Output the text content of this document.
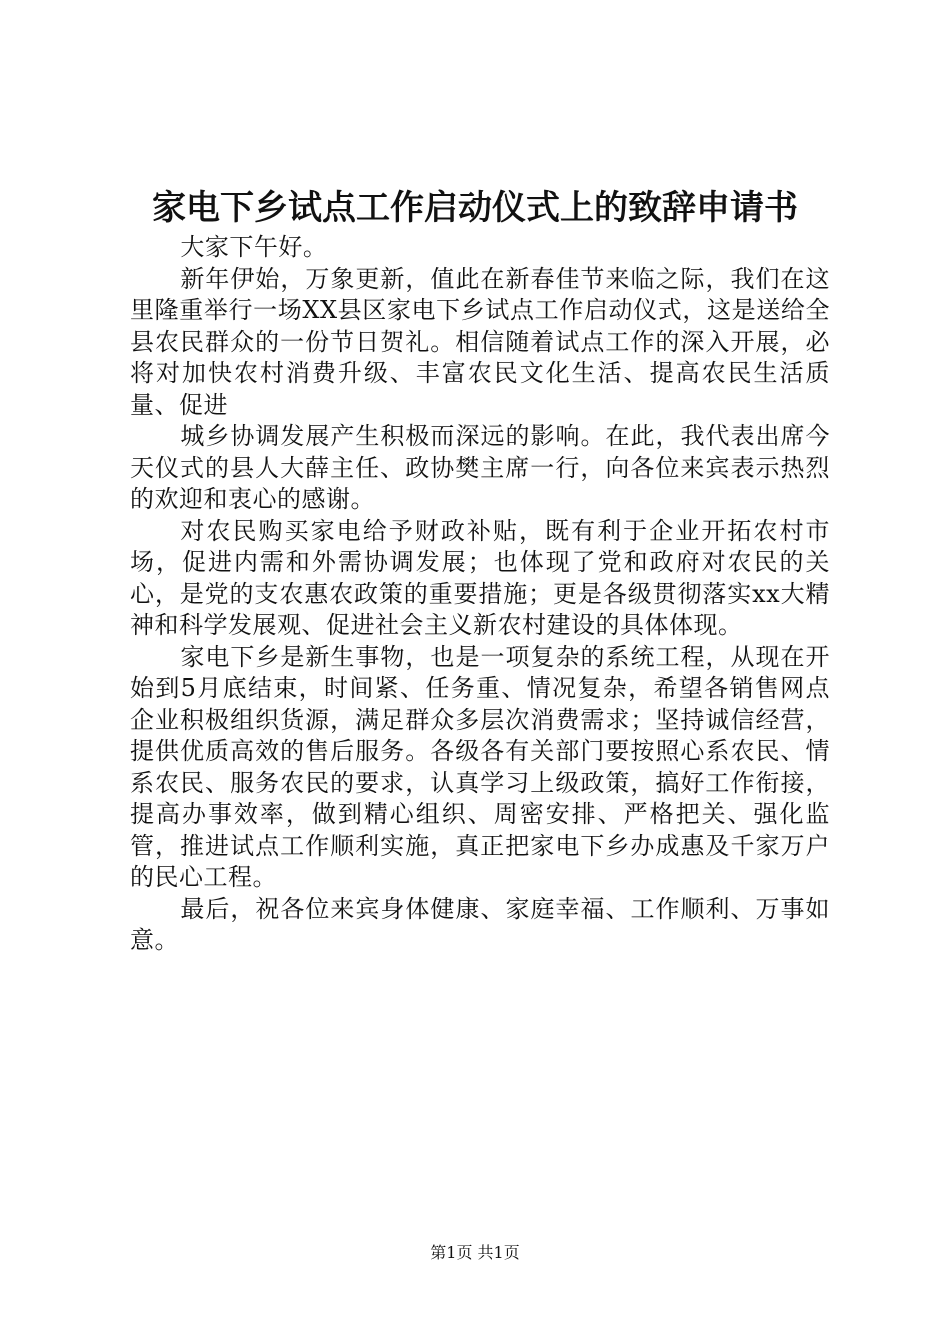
家电下乡试点工作启动仪式上的致辞申请书

大家下午好。

新年伊始，万象更新，值此在新春佳节来临之际，我们在这里隆重举行一场XX县区家电下乡试点工作启动仪式，这是送给全县农民群众的一份节日贺礼。相信随着试点工作的深入开展，必将对加快农村消费升级、丰富农民文化生活、提高农民生活质量、促进

城乡协调发展产生积极而深远的影响。在此，我代表出席今天仪式的县人大薛主任、政协樊主席一行，向各位来宾表示热烈的欢迎和衷心的感谢。

对农民购买家电给予财政补贴，既有利于企业开拓农村市场，促进内需和外需协调发展；也体现了党和政府对农民的关心，是党的支农惠农政策的重要措施；更是各级贯彻落实xx大精神和科学发展观、促进社会主义新农村建设的具体体现。

家电下乡是新生事物，也是一项复杂的系统工程，从现在开始到5月底结束，时间紧、任务重、情况复杂，希望各销售网点企业积极组织货源，满足群众多层次消费需求；坚持诚信经营，提供优质高效的售后服务。各级各有关部门要按照心系农民、情系农民、服务农民的要求，认真学习上级政策，搞好工作衔接，提高办事效率，做到精心组织、周密安排、严格把关、强化监管，推进试点工作顺利实施，真正把家电下乡办成惠及千家万户的民心工程。

最后，祝各位来宾身体健康、家庭幸福、工作顺利、万事如意。

第1页 共1页
